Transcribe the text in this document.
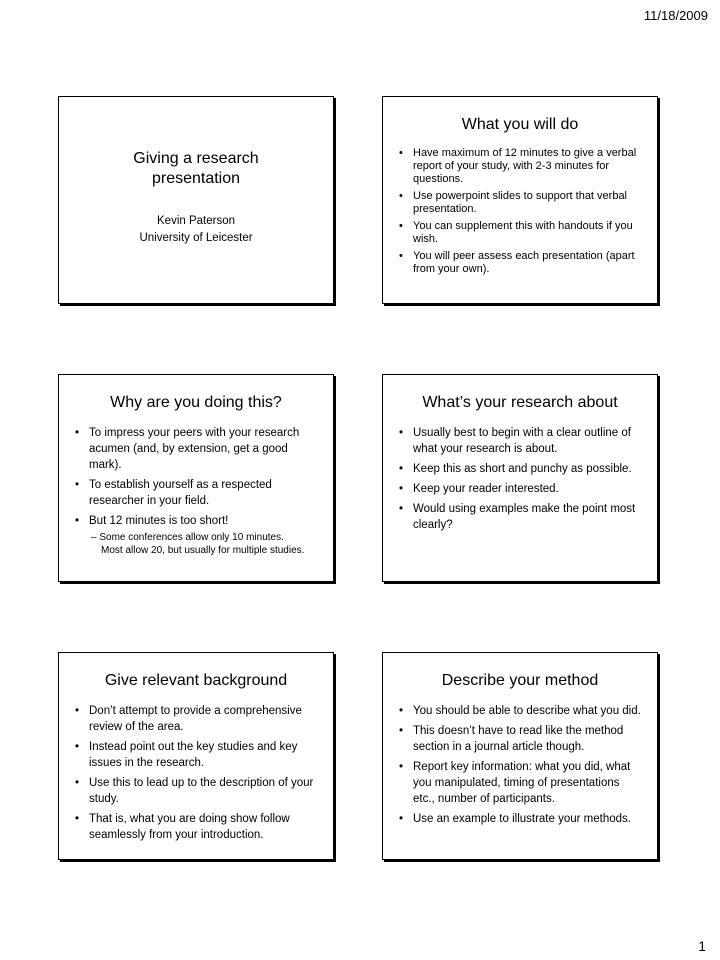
11/18/2009
Giving a research
presentation
Kevin Paterson
University of Leicester
What you will do
• Have maximum of 12 minutes to give a verbal report of your study, with 2-3 minutes for questions.
• Use powerpoint slides to support that verbal presentation.
• You can supplement this with handouts if you wish.
• You will peer assess each presentation (apart from your own).
Why are you doing this?
• To impress your peers with your research acumen (and, by extension, get a good mark).
• To establish yourself as a respected researcher in your field.
• But 12 minutes is too short!
– Some conferences allow only 10 minutes.
Most allow 20, but usually for multiple studies.
What’s your research about
• Usually best to begin with a clear outline of what your research is about.
• Keep this as short and punchy as possible.
• Keep your reader interested.
• Would using examples make the point most clearly?
Give relevant background
• Don’t attempt to provide a comprehensive review of the area.
• Instead point out the key studies and key issues in the research.
• Use this to lead up to the description of your study.
• That is, what you are doing show follow seamlessly from your introduction.
Describe your method
• You should be able to describe what you did.
• This doesn’t have to read like the method section in a journal article though.
• Report key information: what you did, what you manipulated, timing of presentations etc., number of participants.
• Use an example to illustrate your methods.
1
